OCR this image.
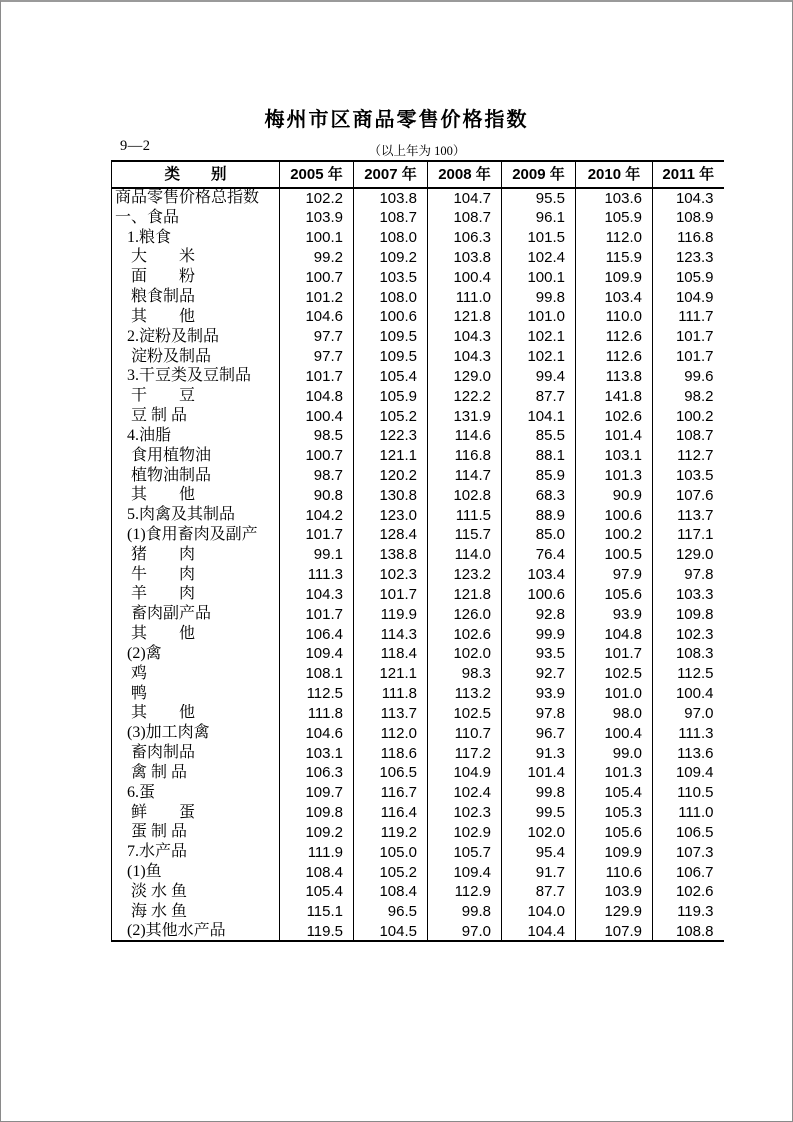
梅州市区商品零售价格指数
9—2	（以上年为 100）
类　　别	2005 年	2007 年	2008 年	2009 年	2010 年	2011 年
商品零售价格总指数	102.2	103.8	104.7	95.5	103.6	104.3
一、食品	103.9	108.7	108.7	96.1	105.9	108.9
1.粮食	100.1	108.0	106.3	101.5	112.0	116.8
大　　米	99.2	109.2	103.8	102.4	115.9	123.3
面　　粉	100.7	103.5	100.4	100.1	109.9	105.9
粮食制品	101.2	108.0	111.0	99.8	103.4	104.9
其　　他	104.6	100.6	121.8	101.0	110.0	111.7
2.淀粉及制品	97.7	109.5	104.3	102.1	112.6	101.7
淀粉及制品	97.7	109.5	104.3	102.1	112.6	101.7
3.干豆类及豆制品	101.7	105.4	129.0	99.4	113.8	99.6
干　　豆	104.8	105.9	122.2	87.7	141.8	98.2
豆 制 品	100.4	105.2	131.9	104.1	102.6	100.2
4.油脂	98.5	122.3	114.6	85.5	101.4	108.7
食用植物油	100.7	121.1	116.8	88.1	103.1	112.7
植物油制品	98.7	120.2	114.7	85.9	101.3	103.5
其　　他	90.8	130.8	102.8	68.3	90.9	107.6
5.肉禽及其制品	104.2	123.0	111.5	88.9	100.6	113.7
(1)食用畜肉及副产	101.7	128.4	115.7	85.0	100.2	117.1
猪　　肉	99.1	138.8	114.0	76.4	100.5	129.0
牛　　肉	111.3	102.3	123.2	103.4	97.9	97.8
羊　　肉	104.3	101.7	121.8	100.6	105.6	103.3
畜肉副产品	101.7	119.9	126.0	92.8	93.9	109.8
其　　他	106.4	114.3	102.6	99.9	104.8	102.3
(2)禽	109.4	118.4	102.0	93.5	101.7	108.3
鸡	108.1	121.1	98.3	92.7	102.5	112.5
鸭	112.5	111.8	113.2	93.9	101.0	100.4
其　　他	111.8	113.7	102.5	97.8	98.0	97.0
(3)加工肉禽	104.6	112.0	110.7	96.7	100.4	111.3
畜肉制品	103.1	118.6	117.2	91.3	99.0	113.6
禽 制 品	106.3	106.5	104.9	101.4	101.3	109.4
6.蛋	109.7	116.7	102.4	99.8	105.4	110.5
鲜　　蛋	109.8	116.4	102.3	99.5	105.3	111.0
蛋 制 品	109.2	119.2	102.9	102.0	105.6	106.5
7.水产品	111.9	105.0	105.7	95.4	109.9	107.3
(1)鱼	108.4	105.2	109.4	91.7	110.6	106.7
淡 水 鱼	105.4	108.4	112.9	87.7	103.9	102.6
海 水 鱼	115.1	96.5	99.8	104.0	129.9	119.3
(2)其他水产品	119.5	104.5	97.0	104.4	107.9	108.8
